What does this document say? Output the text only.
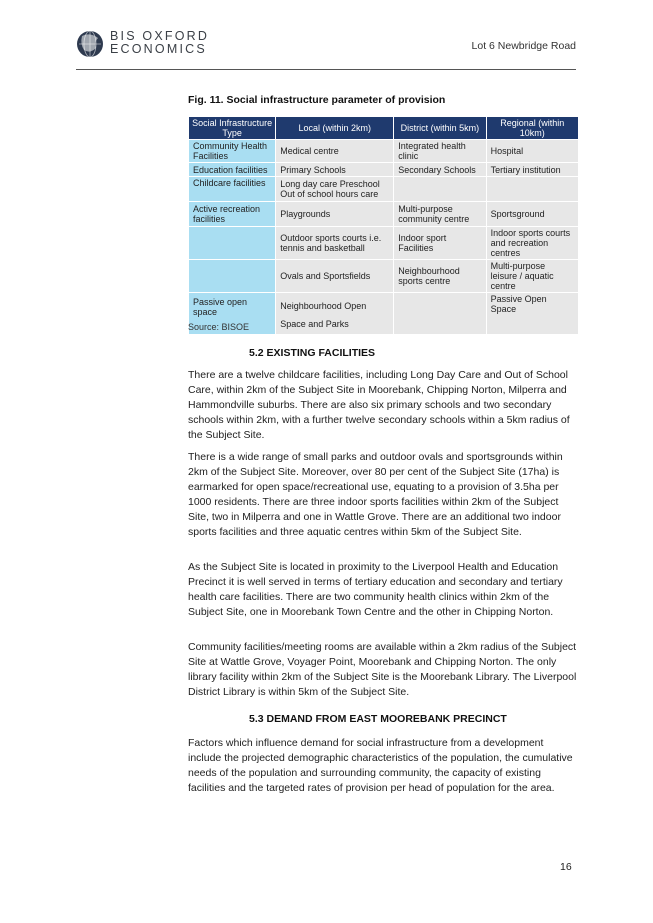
BIS OXFORD
ECONOMICS	Lot 6 Newbridge Road
Fig. 11. Social infrastructure parameter of provision
Social Infrastructure Type	Local (within 2km)	District (within 5km)	Regional (within 10km)
Community Health Facilities	Medical centre	Integrated health clinic	Hospital
Education facilities	Primary Schools	Secondary Schools	Tertiary institution
Childcare facilities	Long day care Preschool Out of school hours care		
Active recreation facilities	Playgrounds	Multi-purpose community centre	Sportsground
	Outdoor sports courts i.e. tennis and basketball	Indoor sport Facilities	Indoor sports courts and recreation centres
	Ovals and Sportsfields	Neighbourhood sports centre	Multi-purpose leisure / aquatic centre
Passive open space	Neighbourhood Open Space and Parks		Passive Open Space
Source: BISOE
5.2 EXISTING FACILITIES

There are a twelve childcare facilities, including Long Day Care and Out of School Care, within 2km of the Subject Site in Moorebank, Chipping Norton, Milperra and Hammondville suburbs. There are also six primary schools and two secondary schools within 2km, with a further twelve secondary schools within a 5km radius of the Subject Site.

There is a wide range of small parks and outdoor ovals and sportsgrounds within 2km of the Subject Site. Moreover, over 80 per cent of the Subject Site (17ha) is earmarked for open space/recreational use, equating to a provision of 3.5ha per 1000 residents. There are three indoor sports facilities within 2km of the Subject Site, two in Milperra and one in Wattle Grove. There are an additional two indoor sports facilities and three aquatic centres within 5km of the Subject Site.

As the Subject Site is located in proximity to the Liverpool Health and Education Precinct it is well served in terms of tertiary education and secondary and tertiary health care facilities. There are two community health clinics within 2km of the Subject Site, one in Moorebank Town Centre and the other in Chipping Norton.

Community facilities/meeting rooms are available within a 2km radius of the Subject Site at Wattle Grove, Voyager Point, Moorebank and Chipping Norton. The only library facility within 2km of the Subject Site is the Moorebank Library. The Liverpool District Library is within 5km of the Subject Site.

5.3 DEMAND FROM EAST MOOREBANK PRECINCT

Factors which influence demand for social infrastructure from a development include the projected demographic characteristics of the population, the cumulative needs of the population and surrounding community, the capacity of existing facilities and the targeted rates of provision per head of population for the area.

16
